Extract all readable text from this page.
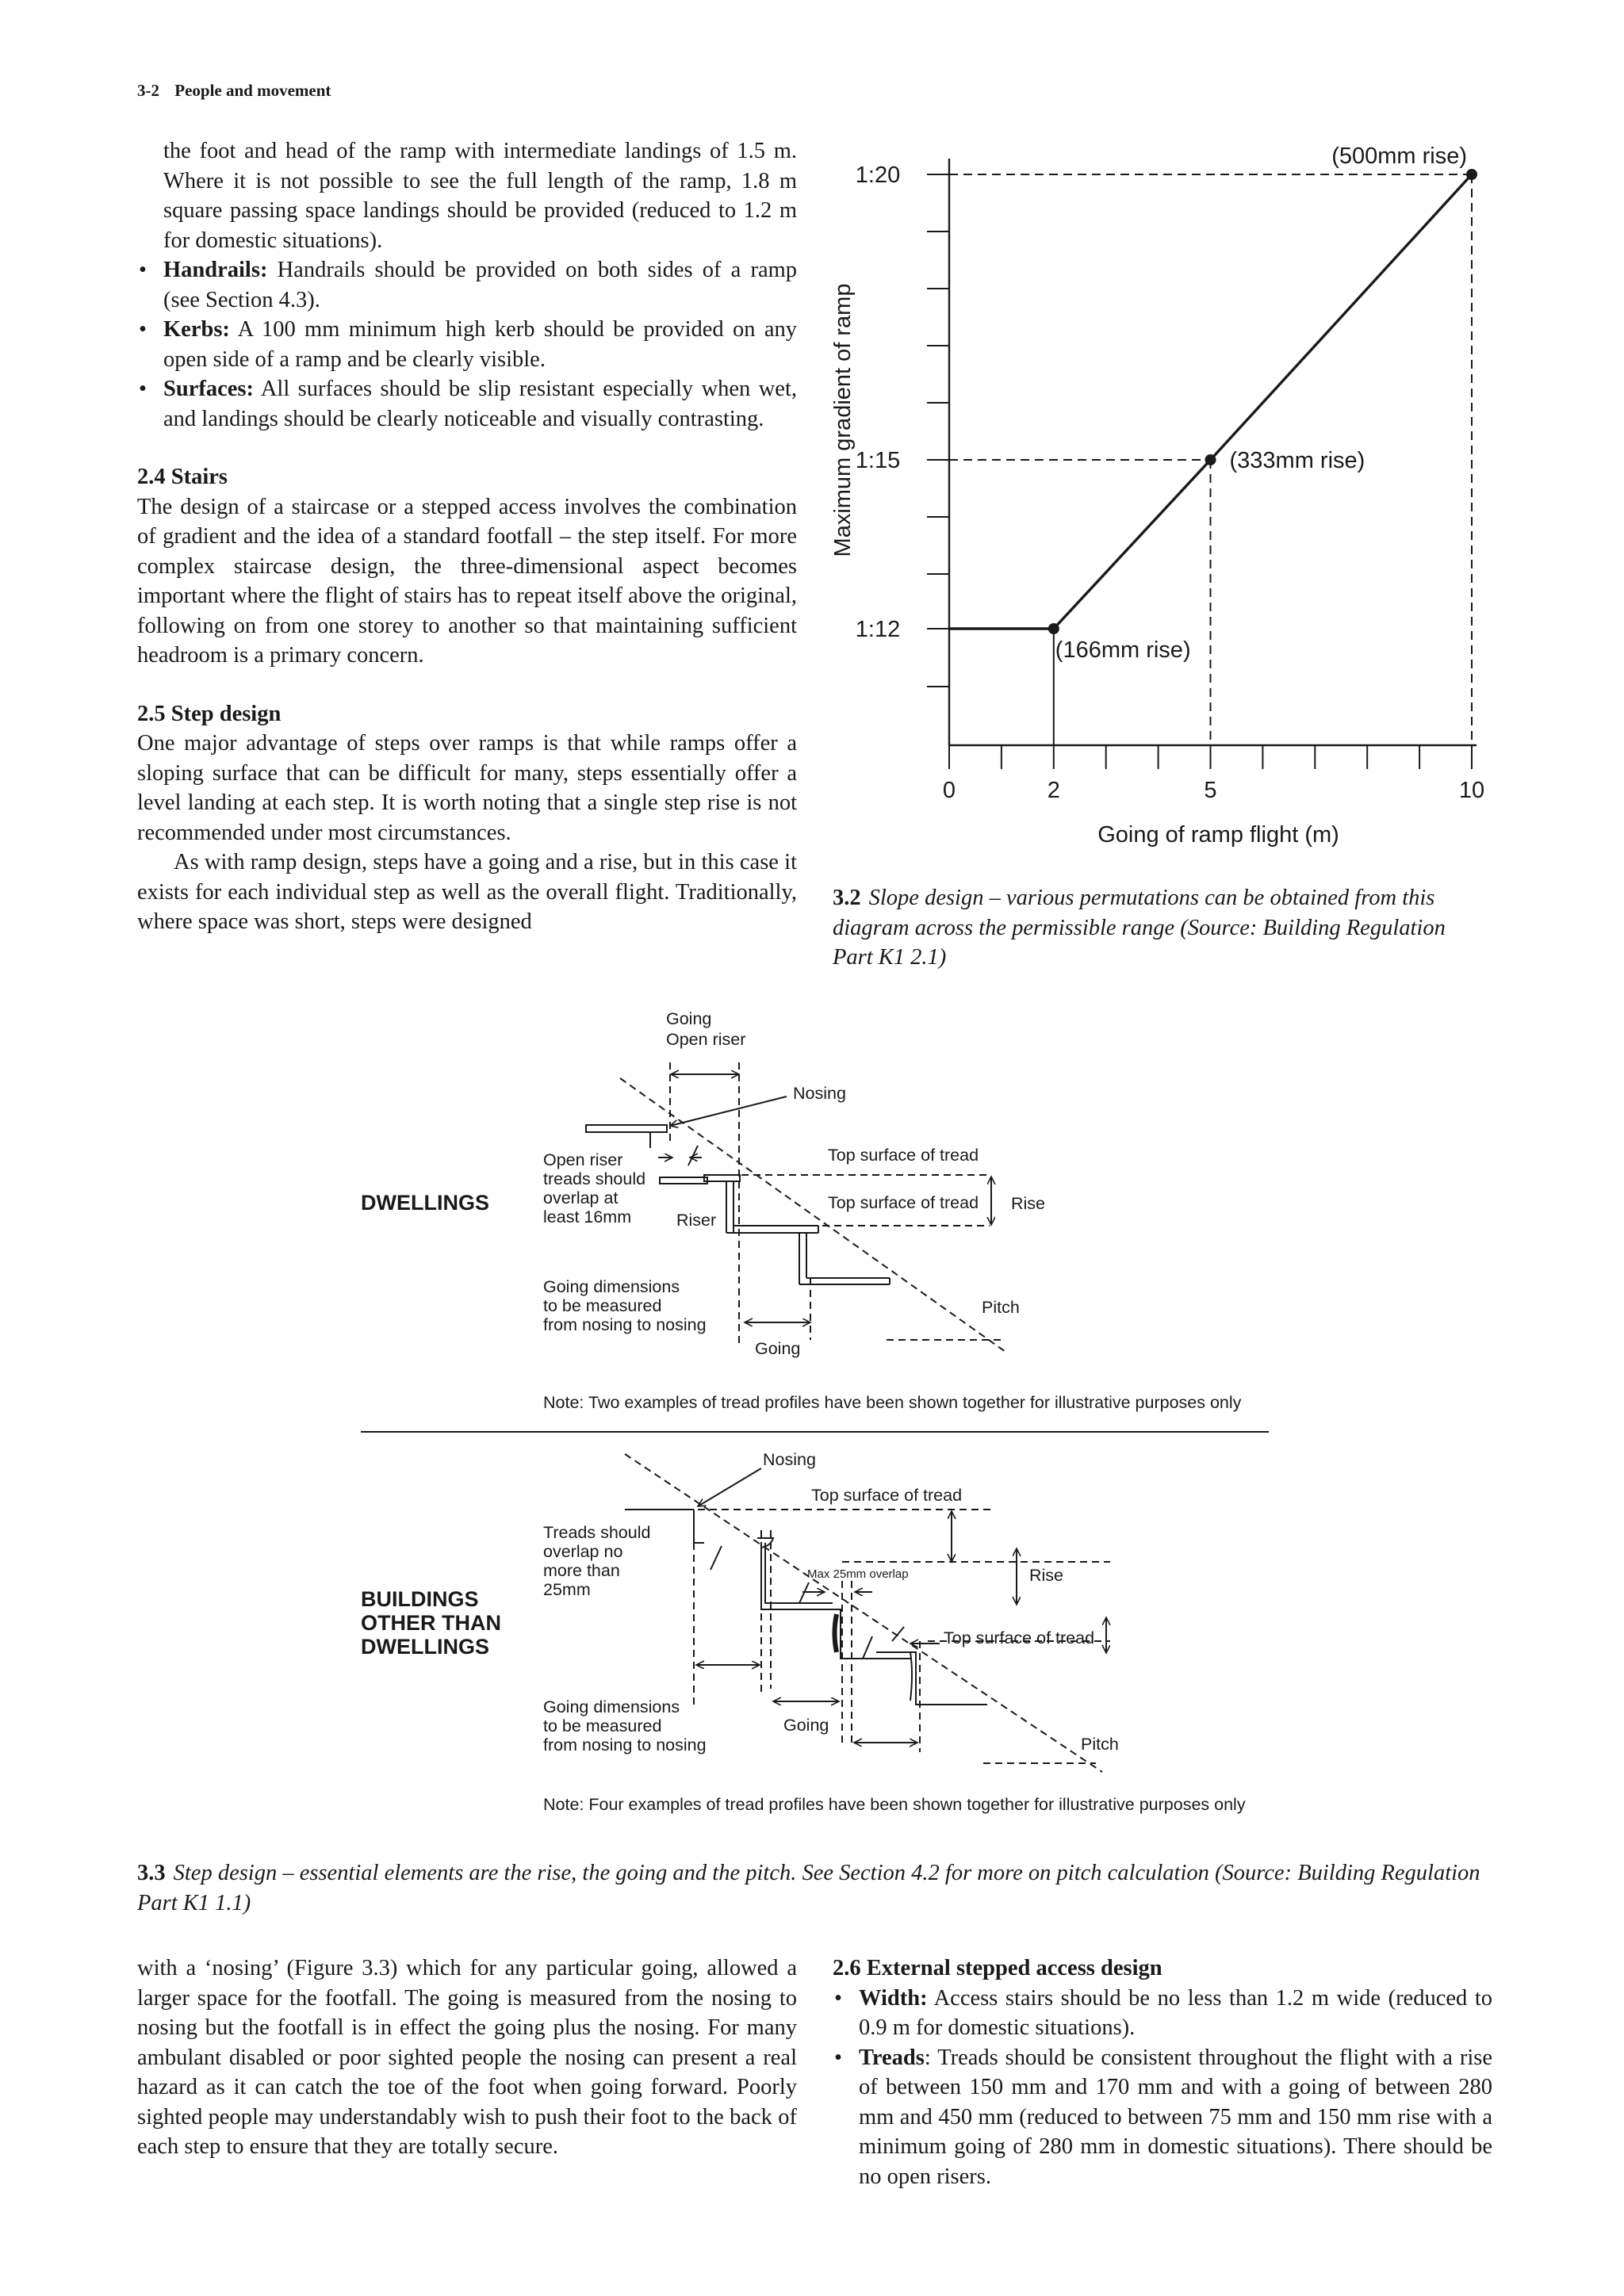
3-2 People and movement

the foot and head of the ramp with intermediate landings of 1.5 m. Where it is not possible to see the full length of the ramp, 1.8 m square passing space landings should be provided (reduced to 1.2 m for domestic situations).

• Handrails: Handrails should be provided on both sides of a ramp (see Section 4.3).
• Kerbs: A 100 mm minimum high kerb should be provided on any open side of a ramp and be clearly visible.
• Surfaces: All surfaces should be slip resistant especially when wet, and landings should be clearly noticeable and visually contrasting.
2.4 Stairs

The design of a staircase or a stepped access involves the combination of gradient and the idea of a standard footfall – the step itself. For more complex staircase design, the three-dimensional aspect becomes important where the flight of stairs has to repeat itself above the original, following on from one storey to another so that maintaining sufficient headroom is a primary concern.

2.5 Step design

One major advantage of steps over ramps is that while ramps offer a sloping surface that can be difficult for many, steps essentially offer a level landing at each step. It is worth noting that a single step rise is not recommended under most circumstances.

As with ramp design, steps have a going and a rise, but in this case it exists for each individual step as well as the overall flight. Traditionally, where space was short, steps were designed

0	2	5	10
1:12
1:15
1:20
Going of ramp flight (m)
Maximum gradient of ramp
(166mm rise)
(333mm rise)
(500mm rise)
3.2 Slope design – various permutations can be obtained from this diagram across the permissible range (Source: Building Regulation Part K1 2.1)
DWELLINGS
Going
Open riser
Nosing
Open riser
treads should
overlap at
least 16mm	Riser
Top surface of tread
Top surface of tread Rise
Going
Going dimensions
to be measured
from nosing to nosing
Pitch
Note: Two examples of tread profiles have been shown together for illustrative purposes only
BUILDINGS
OTHER THAN
DWELLINGS
Nosing
Top surface of tread
Rise
Top surface of tread
Max 25mm overlap
Treads should
overlap no
more than
25mm
Going
Going dimensions
to be measured
from nosing to nosing	Pitch
Note: Four examples of tread profiles have been shown together for illustrative purposes only
3.3 Step design – essential elements are the rise, the going and the pitch. See Section 4.2 for more on pitch calculation (Source: Building Regulation Part K1 1.1)

with a ‘nosing’ (Figure 3.3) which for any particular going, allowed a larger space for the footfall. The going is measured from the nosing to nosing but the footfall is in effect the going plus the nosing. For many ambulant disabled or poor sighted people the nosing can present a real hazard as it can catch the toe of the foot when going forward. Poorly sighted people may understandably wish to push their foot to the back of each step to ensure that they are totally secure.

2.6 External stepped access design
• Width: Access stairs should be no less than 1.2 m wide (reduced to 0.9 m for domestic situations).
• Treads: Treads should be consistent throughout the flight with a rise of between 150 mm and 170 mm and with a going of between 280 mm and 450 mm (reduced to between 75 mm and 150 mm rise with a minimum going of 280 mm in domestic situations). There should be no open risers.
